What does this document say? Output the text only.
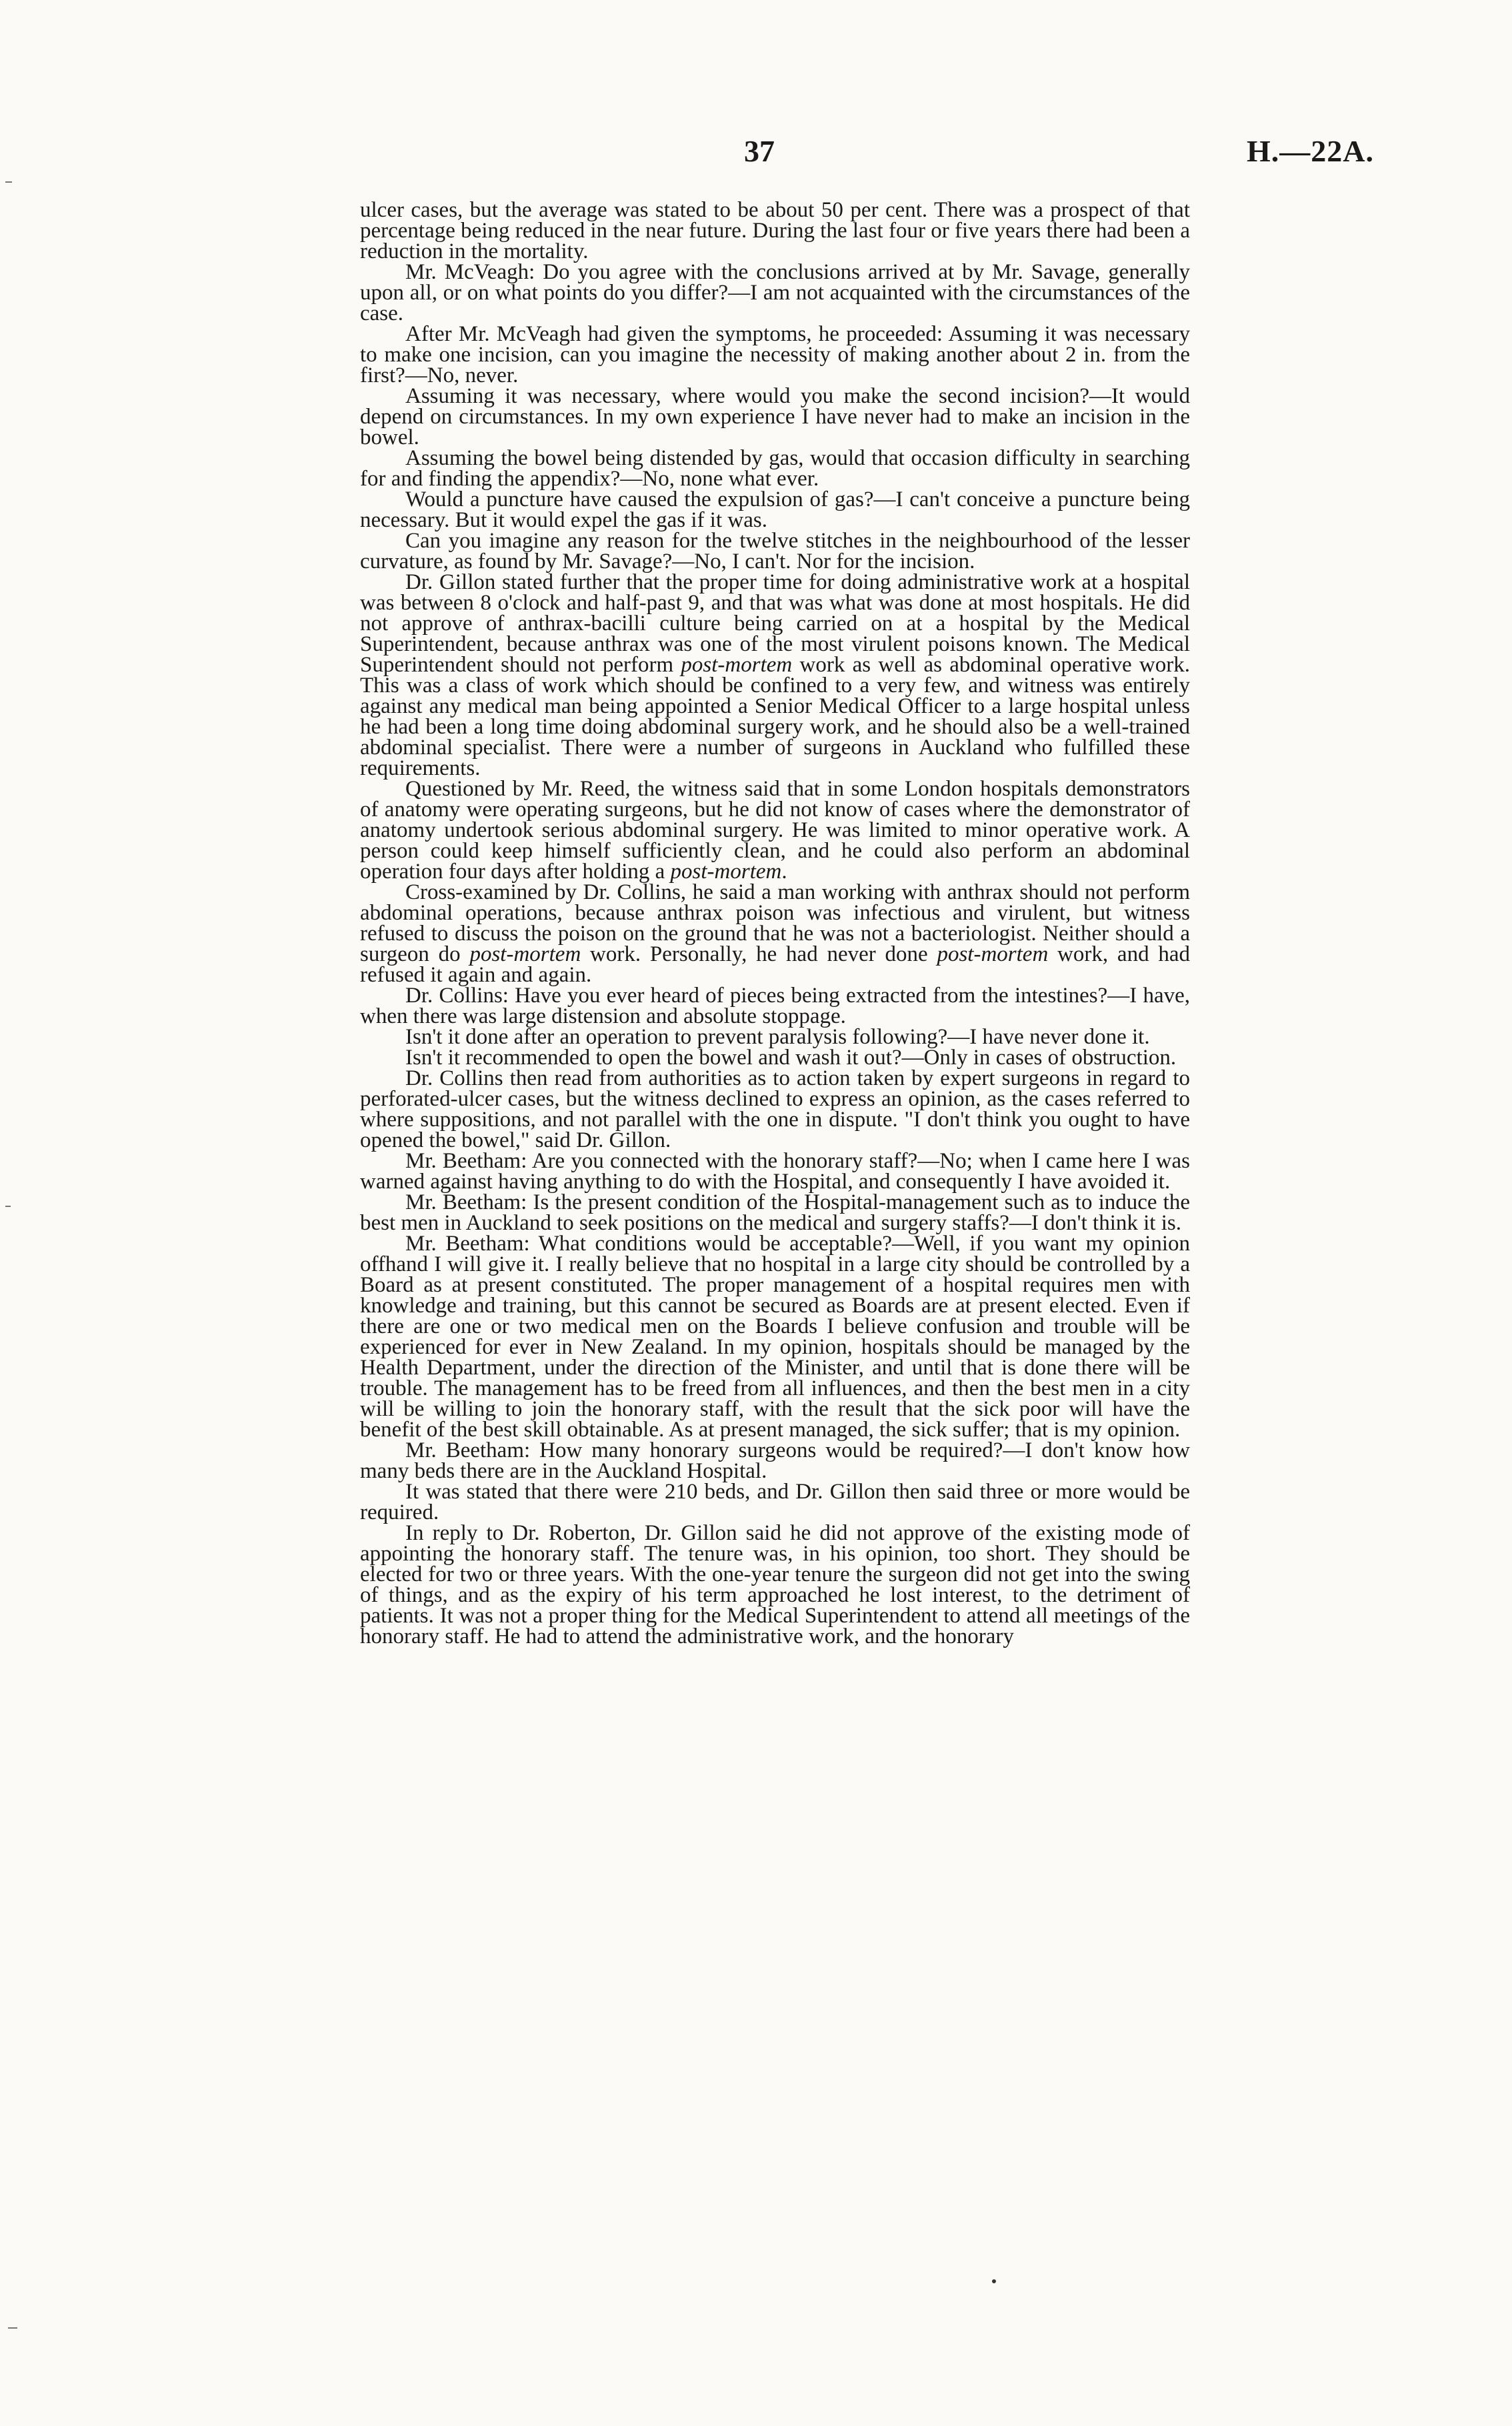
37	H.—22A.

ulcer cases, but the average was stated to be about 50 per cent. There was a prospect of that percentage being reduced in the near future. During the last four or five years there had been a reduction in the mortality.

Mr. McVeagh: Do you agree with the conclusions arrived at by Mr. Savage, generally upon all, or on what points do you differ?—I am not acquainted with the circumstances of the case.

After Mr. McVeagh had given the symptoms, he proceeded: Assuming it was necessary to make one incision, can you imagine the necessity of making another about 2 in. from the first?—No, never.

Assuming it was necessary, where would you make the second incision?—It would depend on circumstances. In my own experience I have never had to make an incision in the bowel.

Assuming the bowel being distended by gas, would that occasion difficulty in searching for and finding the appendix?—No, none what ever.

Would a puncture have caused the expulsion of gas?—I can't conceive a puncture being necessary. But it would expel the gas if it was.

Can you imagine any reason for the twelve stitches in the neighbourhood of the lesser curvature, as found by Mr. Savage?—No, I can't. Nor for the incision.

Dr. Gillon stated further that the proper time for doing administrative work at a hospital was between 8 o'clock and half-past 9, and that was what was done at most hospitals. He did not approve of anthrax-bacilli culture being carried on at a hospital by the Medical Superintendent, because anthrax was one of the most virulent poisons known. The Medical Superintendent should not perform post-mortem work as well as abdominal operative work. This was a class of work which should be confined to a very few, and witness was entirely against any medical man being appointed a Senior Medical Officer to a large hospital unless he had been a long time doing abdominal surgery work, and he should also be a well-trained abdominal specialist. There were a number of surgeons in Auckland who fulfilled these requirements.

Questioned by Mr. Reed, the witness said that in some London hospitals demonstrators of anatomy were operating surgeons, but he did not know of cases where the demonstrator of anatomy undertook serious abdominal surgery. He was limited to minor operative work. A person could keep himself sufficiently clean, and he could also perform an abdominal operation four days after holding a post-mortem.

Cross-examined by Dr. Collins, he said a man working with anthrax should not perform abdominal operations, because anthrax poison was infectious and virulent, but witness refused to discuss the poison on the ground that he was not a bacteriologist. Neither should a surgeon do post-mortem work. Personally, he had never done post-mortem work, and had refused it again and again.

Dr. Collins: Have you ever heard of pieces being extracted from the intestines?—I have, when there was large distension and absolute stoppage.

Isn't it done after an operation to prevent paralysis following?—I have never done it.

Isn't it recommended to open the bowel and wash it out?—Only in cases of obstruction.

Dr. Collins then read from authorities as to action taken by expert surgeons in regard to perforated-ulcer cases, but the witness declined to express an opinion, as the cases referred to where suppositions, and not parallel with the one in dispute. "I don't think you ought to have opened the bowel," said Dr. Gillon.

Mr. Beetham: Are you connected with the honorary staff?—No; when I came here I was warned against having anything to do with the Hospital, and consequently I have avoided it.

Mr. Beetham: Is the present condition of the Hospital-management such as to induce the best men in Auckland to seek positions on the medical and surgery staffs?—I don't think it is.

Mr. Beetham: What conditions would be acceptable?—Well, if you want my opinion offhand I will give it. I really believe that no hospital in a large city should be controlled by a Board as at present constituted. The proper management of a hospital requires men with knowledge and training, but this cannot be secured as Boards are at present elected. Even if there are one or two medical men on the Boards I believe confusion and trouble will be experienced for ever in New Zealand. In my opinion, hospitals should be managed by the Health Department, under the direction of the Minister, and until that is done there will be trouble. The management has to be freed from all influences, and then the best men in a city will be willing to join the honorary staff, with the result that the sick poor will have the benefit of the best skill obtainable. As at present managed, the sick suffer; that is my opinion.

Mr. Beetham: How many honorary surgeons would be required?—I don't know how many beds there are in the Auckland Hospital.

It was stated that there were 210 beds, and Dr. Gillon then said three or more would be required.

In reply to Dr. Roberton, Dr. Gillon said he did not approve of the existing mode of appointing the honorary staff. The tenure was, in his opinion, too short. They should be elected for two or three years. With the one-year tenure the surgeon did not get into the swing of things, and as the expiry of his term approached he lost interest, to the detriment of patients. It was not a proper thing for the Medical Superintendent to attend all meetings of the honorary staff. He had to attend the administrative work, and the honorary
